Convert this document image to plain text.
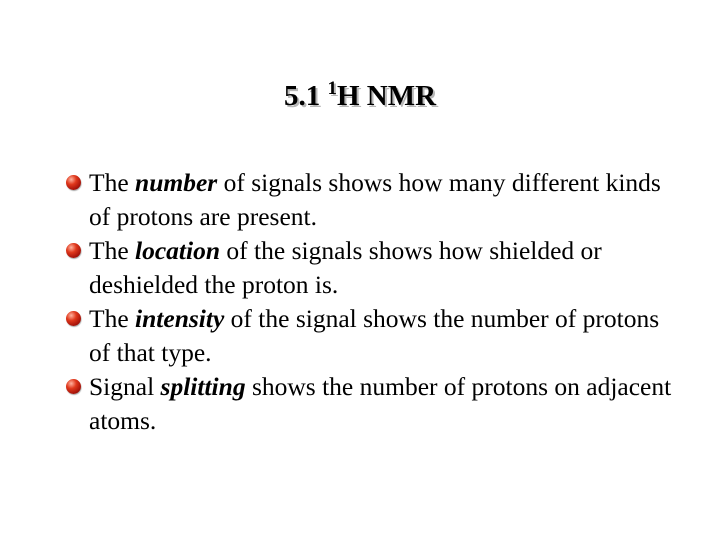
5.1 $^1$H NMR
The number of signals shows how many different kinds of protons are present.
The location of the signals shows how shielded or deshielded the proton is.
The intensity of the signal shows the number of protons of that type.
Signal splitting shows the number of protons on adjacent atoms.
